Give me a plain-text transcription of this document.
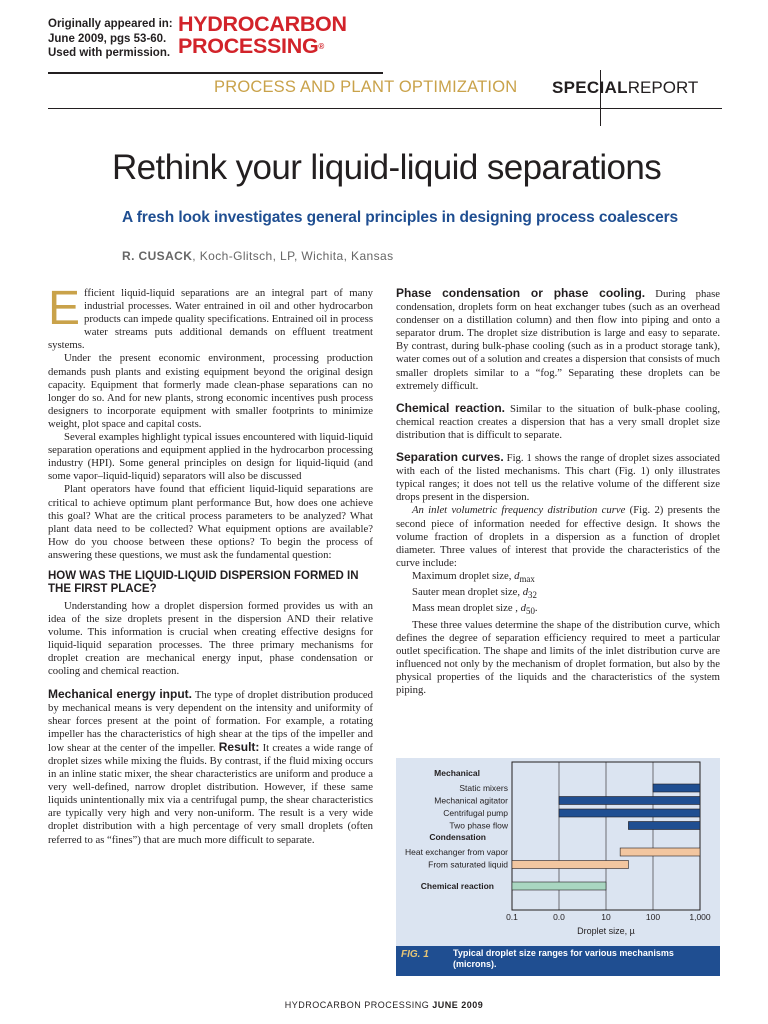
Originally appeared in:
June 2009, pgs 53-60.
Used with permission.
HYDROCARBON
PROCESSING®
PROCESS AND PLANT OPTIMIZATION SPECIALREPORT
Rethink your liquid-liquid separations
A fresh look investigates general principles in designing process coalescers
R. CUSACK, Koch-Glitsch, LP, Wichita, Kansas

Efficient liquid-liquid separations are an integral part of many industrial processes. Water entrained in oil and other hydrocarbon products can impede quality specifications. Entrained oil in process water streams puts additional demands on effluent treatment systems.

Under the present economic environment, processing production demands push plants and existing equipment beyond the original design capacity. Equipment that formerly made clean-phase separations can no longer do so. And for new plants, strong economic incentives push process designers to incorporate equipment with smaller footprints to minimize weight, plot space and capital costs.

Several examples highlight typical issues encountered with liquid-liquid separation operations and equipment applied in the hydrocarbon processing industry (HPI). Some general principles on design for liquid-liquid (and some vapor–liquid-liquid) separators will also be discussed

Plant operators have found that efficient liquid-liquid separations are critical to achieve optimum plant performance But, how does one achieve this goal? What are the critical process parameters to be analyzed? What plant data need to be collected? What equipment options are available? How do you choose between these options? To begin the process of answering these questions, we must ask the fundamental question:

HOW WAS THE LIQUID-LIQUID DISPERSION FORMED IN THE FIRST PLACE?

Understanding how a droplet dispersion formed provides us with an idea of the size droplets present in the dispersion AND their relative volume. This information is crucial when creating effective designs for liquid-liquid separation processes. The three primary mechanisms for droplet creation are mechanical energy input, phase condensation or cooling and chemical reaction.

Mechanical energy input. The type of droplet distribution produced by mechanical means is very dependent on the intensity and uniformity of shear forces present at the point of formation. For example, a rotating impeller has the characteristics of high shear at the tips of the impeller and low shear at the center of the impeller. Result: It creates a wide range of droplet sizes while mixing the fluids. By contrast, if the fluid mixing occurs in an inline static mixer, the shear characteristics are uniform and produce a very well-defined, narrow droplet distribution. However, if these same liquids unintentionally mix via a centrifugal pump, the shear characteristics are typically very high and very non-uniform. The result is a very wide droplet distribution with a high percentage of very small droplets (often referred to as “fines”) that are much more difficult to separate.

Phase condensation or phase cooling. During phase condensation, droplets form on heat exchanger tubes (such as an overhead condenser on a distillation column) and then flow into piping and onto a separator drum. The droplet size distribution is large and easy to separate. By contrast, during bulk-phase cooling (such as in a product storage tank), water comes out of a solution and creates a dispersion that consists of much smaller droplets similar to a “fog.” Separating these droplets can be extremely difficult.

Chemical reaction. Similar to the situation of bulk-phase cooling, chemical reaction creates a dispersion that has a very small droplet size distribution that is difficult to separate.

Separation curves. Fig. 1 shows the range of droplet sizes associated with each of the listed mechanisms. This chart (Fig. 1) only illustrates typical ranges; it does not tell us the relative volume of the different size drops present in the dispersion.

An inlet volumetric frequency distribution curve (Fig. 2) presents the second piece of information needed for effective design. It shows the volume fraction of droplets in a dispersion as a function of droplet diameter. Three values of interest that provide the characteristics of the curve include:

Maximum droplet size, $d_{max}$

Sauter mean droplet size, $d_{32}$

Mass mean droplet size , $d_{50}$.

These three values determine the shape of the distribution curve, which defines the degree of separation efficiency required to meet a particular outlet specification. The shape and limits of the inlet distribution curve are influenced not only by the mechanism of droplet formation, but also by the physical properties of the liquids and the characteristics of the system piping.

0.1	0.0	10	100	1,000
Droplet size, µ
Mechanical
Static mixers
Mechanical agitator
Centrifugal pump
Two phase flow
Condensation
Heat exchanger from vapor
From saturated liquid
Chemical reaction
FIG. 1	Typical droplet size ranges for various mechanisms (microns).
HYDROCARBON PROCESSING JUNE 2009
